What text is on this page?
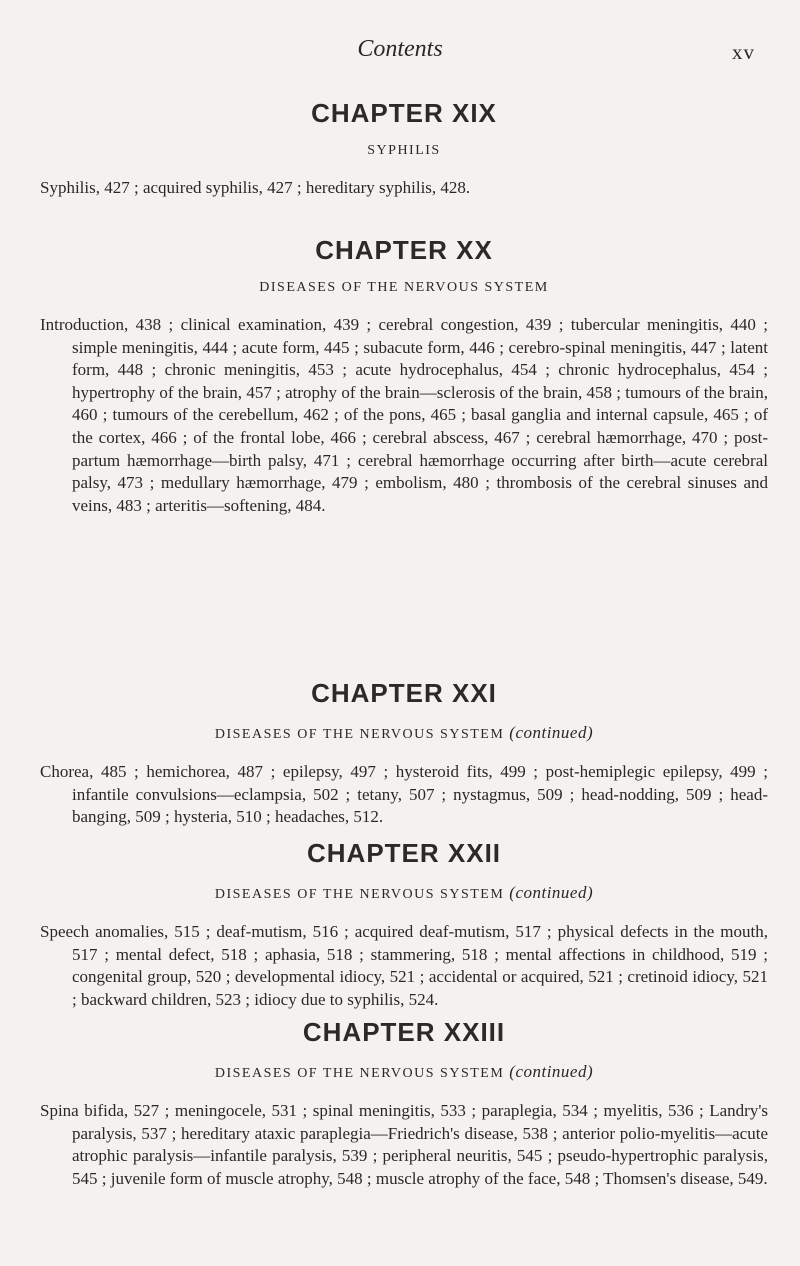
Contents	xv
CHAPTER XIX
SYPHILIS

Syphilis, 427 ; acquired syphilis, 427 ; hereditary syphilis, 428.

CHAPTER XX
DISEASES OF THE NERVOUS SYSTEM

Introduction, 438 ; clinical examination, 439 ; cerebral congestion, 439 ; tubercular meningitis, 440 ; simple meningitis, 444 ; acute form, 445 ; subacute form, 446 ; cerebro-spinal meningitis, 447 ; latent form, 448 ; chronic meningitis, 453 ; acute hydrocephalus, 454 ; chronic hydrocephalus, 454 ; hypertrophy of the brain, 457 ; atrophy of the brain—sclerosis of the brain, 458 ; tumours of the brain, 460 ; tumours of the cerebellum, 462 ; of the pons, 465 ; basal ganglia and internal capsule, 465 ; of the cortex, 466 ; of the frontal lobe, 466 ; cerebral abscess, 467 ; cerebral hæmorrhage, 470 ; post-partum hæmorrhage—birth palsy, 471 ; cerebral hæmorrhage occurring after birth—acute cerebral palsy, 473 ; medullary hæmorrhage, 479 ; embolism, 480 ; thrombosis of the cerebral sinuses and veins, 483 ; arteritis—softening, 484.

CHAPTER XXI
DISEASES OF THE NERVOUS SYSTEM (continued)

Chorea, 485 ; hemichorea, 487 ; epilepsy, 497 ; hysteroid fits, 499 ; post-hemiplegic epilepsy, 499 ; infantile convulsions—eclampsia, 502 ; tetany, 507 ; nystagmus, 509 ; head-nodding, 509 ; head-banging, 509 ; hysteria, 510 ; headaches, 512.

CHAPTER XXII
DISEASES OF THE NERVOUS SYSTEM (continued)

Speech anomalies, 515 ; deaf-mutism, 516 ; acquired deaf-mutism, 517 ; physical defects in the mouth, 517 ; mental defect, 518 ; aphasia, 518 ; stammering, 518 ; mental affections in childhood, 519 ; congenital group, 520 ; developmental idiocy, 521 ; accidental or acquired, 521 ; cretinoid idiocy, 521 ; backward children, 523 ; idiocy due to syphilis, 524.

CHAPTER XXIII
DISEASES OF THE NERVOUS SYSTEM (continued)

Spina bifida, 527 ; meningocele, 531 ; spinal meningitis, 533 ; paraplegia, 534 ; myelitis, 536 ; Landry's paralysis, 537 ; hereditary ataxic paraplegia—Friedrich's disease, 538 ; anterior polio-myelitis—acute atrophic paralysis—infantile paralysis, 539 ; peripheral neuritis, 545 ; pseudo-hypertrophic paralysis, 545 ; juvenile form of muscle atrophy, 548 ; muscle atrophy of the face, 548 ; Thomsen's disease, 549.
